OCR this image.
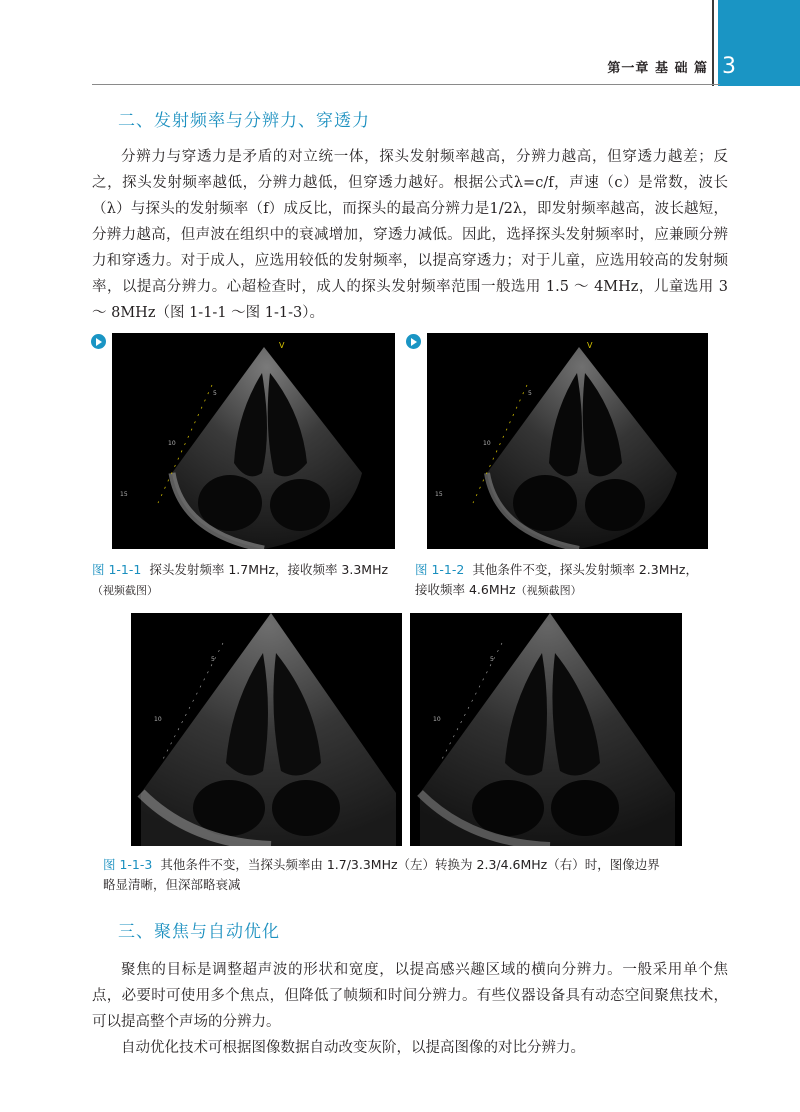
第一章 基 础 篇 3
二、发射频率与分辨力、穿透力

分辨力与穿透力是矛盾的对立统一体，探头发射频率越高，分辨力越高，但穿透力越差；反之，探头发射频率越低，分辨力越低，但穿透力越好。根据公式λ=c/f，声速（c）是常数，波长（λ）与探头的发射频率（f）成反比，而探头的最高分辨力是1/2λ，即发射频率越高，波长越短，分辨力越高，但声波在组织中的衰减增加，穿透力减低。因此，选择探头发射频率时，应兼顾分辨力和穿透力。对于成人，应选用较低的发射频率，以提高穿透力；对于儿童，应选用较高的发射频率，以提高分辨力。心超检查时，成人的探头发射频率范围一般选用 1.5 ～ 4MHz，儿童选用 3 ～ 8MHz（图 1-1-1 ～图 1-1-3）。

5
10
15
V
图 1-1-1 探头发射频率 1.7MHz，接收频率 3.3MHz
（视频截图）
5
10
15
V
图 1-1-2 其他条件不变，探头发射频率 2.3MHz，
接收频率 4.6MHz（视频截图）
5
10
5
10
图 1-1-3 其他条件不变，当探头频率由 1.7/3.3MHz（左）转换为 2.3/4.6MHz（右）时，图像边界
略显清晰，但深部略衰减
三、聚焦与自动优化

聚焦的目标是调整超声波的形状和宽度，以提高感兴趣区域的横向分辨力。一般采用单个焦点，必要时可使用多个焦点，但降低了帧频和时间分辨力。有些仪器设备具有动态空间聚焦技术，可以提高整个声场的分辨力。

自动优化技术可根据图像数据自动改变灰阶，以提高图像的对比分辨力。
